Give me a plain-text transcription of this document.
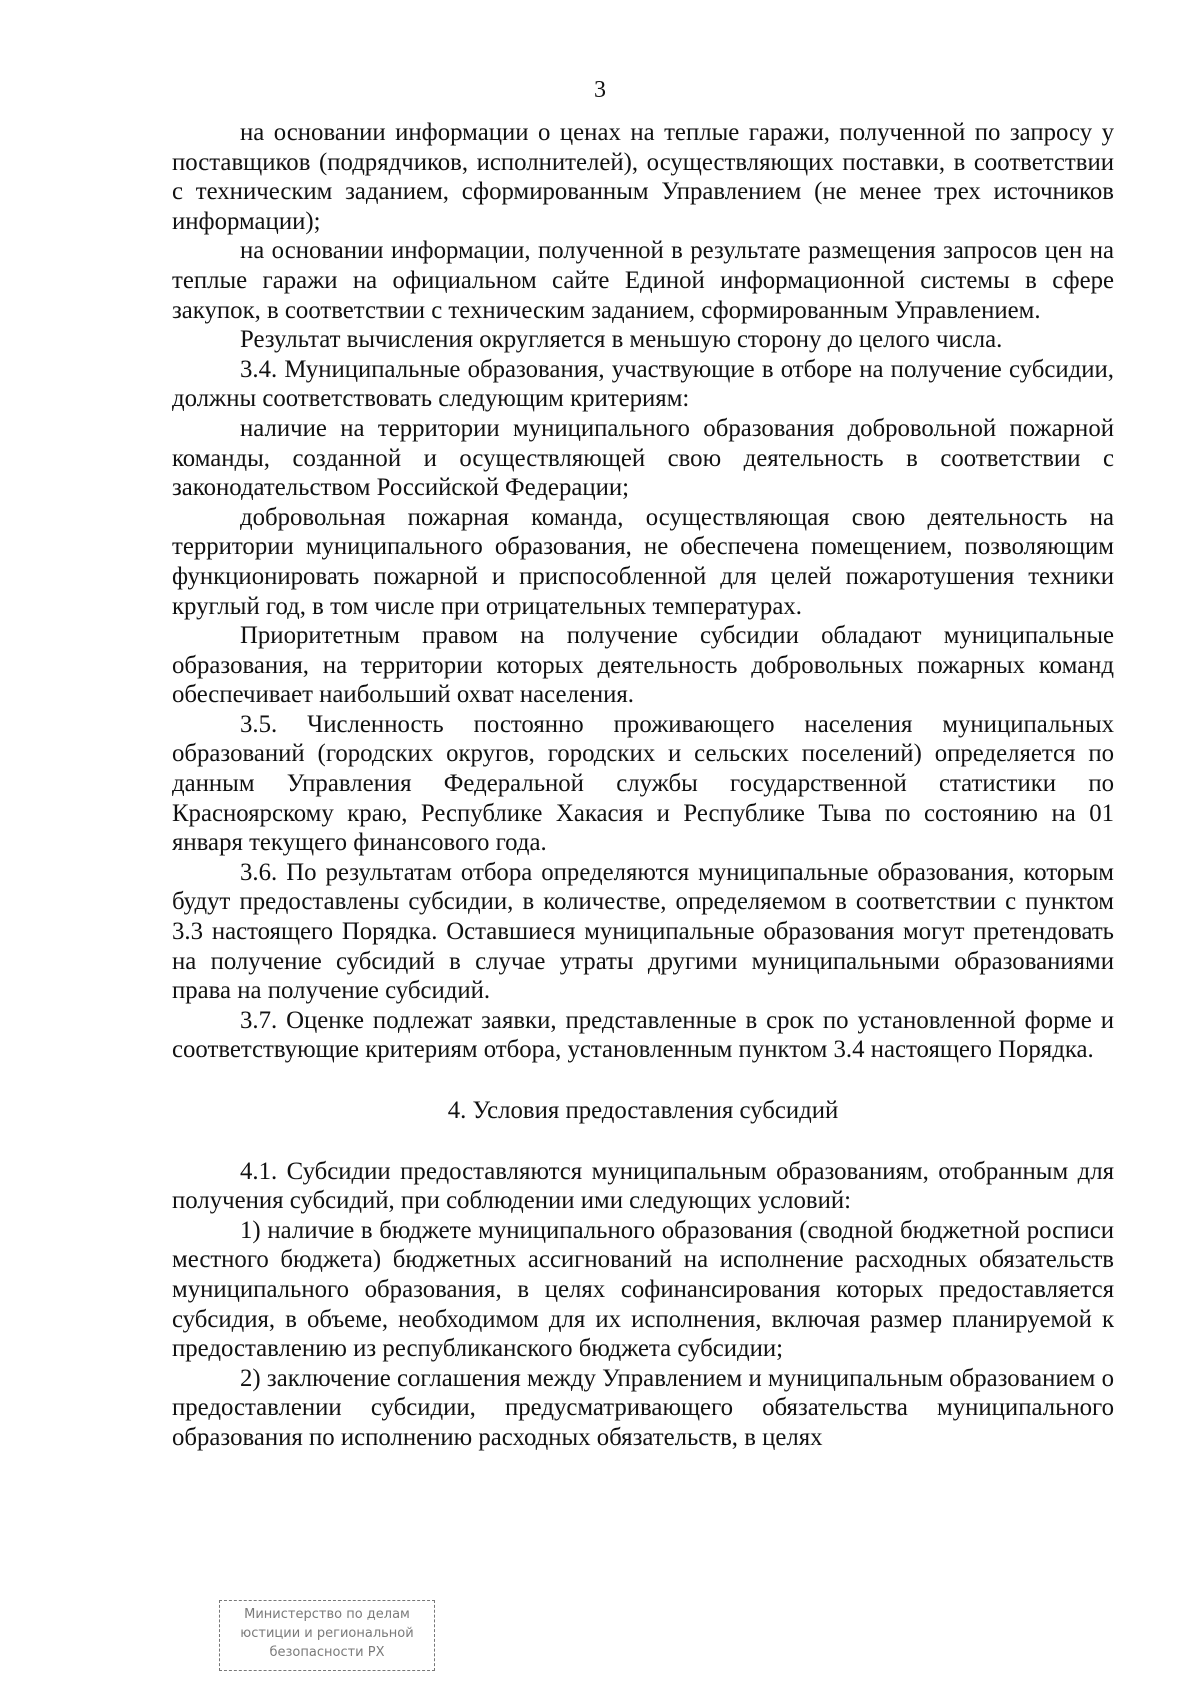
3

на основании информации о ценах на теплые гаражи, полученной по запросу у поставщиков (подрядчиков, исполнителей), осуществляющих поставки, в соответствии с техническим заданием, сформированным Управлением (не менее трех источников информации);

на основании информации, полученной в результате размещения запросов цен на теплые гаражи на официальном сайте Единой информационной системы в сфере закупок, в соответствии с техническим заданием, сформированным Управлением.

Результат вычисления округляется в меньшую сторону до целого числа.

3.4. Муниципальные образования, участвующие в отборе на получение субсидии, должны соответствовать следующим критериям:

наличие на территории муниципального образования добровольной пожарной команды, созданной и осуществляющей свою деятельность в соответствии с законодательством Российской Федерации;

добровольная пожарная команда, осуществляющая свою деятельность на территории муниципального образования, не обеспечена помещением, позволяющим функционировать пожарной и приспособленной для целей пожаротушения техники круглый год, в том числе при отрицательных температурах.

Приоритетным правом на получение субсидии обладают муниципальные образования, на территории которых деятельность добровольных пожарных команд обеспечивает наибольший охват населения.

3.5. Численность постоянно проживающего населения муниципальных образований (городских округов, городских и сельских поселений) определяется по данным Управления Федеральной службы государственной статистики по Красноярскому краю, Республике Хакасия и Республике Тыва по состоянию на 01 января текущего финансового года.

3.6. По результатам отбора определяются муниципальные образования, которым будут предоставлены субсидии, в количестве, определяемом в соответствии с пунктом 3.3 настоящего Порядка. Оставшиеся муниципальные образования могут претендовать на получение субсидий в случае утраты другими муниципальными образованиями права на получение субсидий.

3.7. Оценке подлежат заявки, представленные в срок по установленной форме и соответствующие критериям отбора, установленным пунктом 3.4 настоящего Порядка.

4. Условия предоставления субсидий

4.1. Субсидии предоставляются муниципальным образованиям, отобранным для получения субсидий, при соблюдении ими следующих условий:

1) наличие в бюджете муниципального образования (сводной бюджетной росписи местного бюджета) бюджетных ассигнований на исполнение расходных обязательств муниципального образования, в целях софинансирования которых предоставляется субсидия, в объеме, необходимом для их исполнения, включая размер планируемой к предоставлению из республиканского бюджета субсидии;

2) заключение соглашения между Управлением и муниципальным образованием о предоставлении субсидии, предусматривающего обязательства муниципального образования по исполнению расходных обязательств, в целях

Министерство по делам
юстиции и региональной
безопасности РХ
